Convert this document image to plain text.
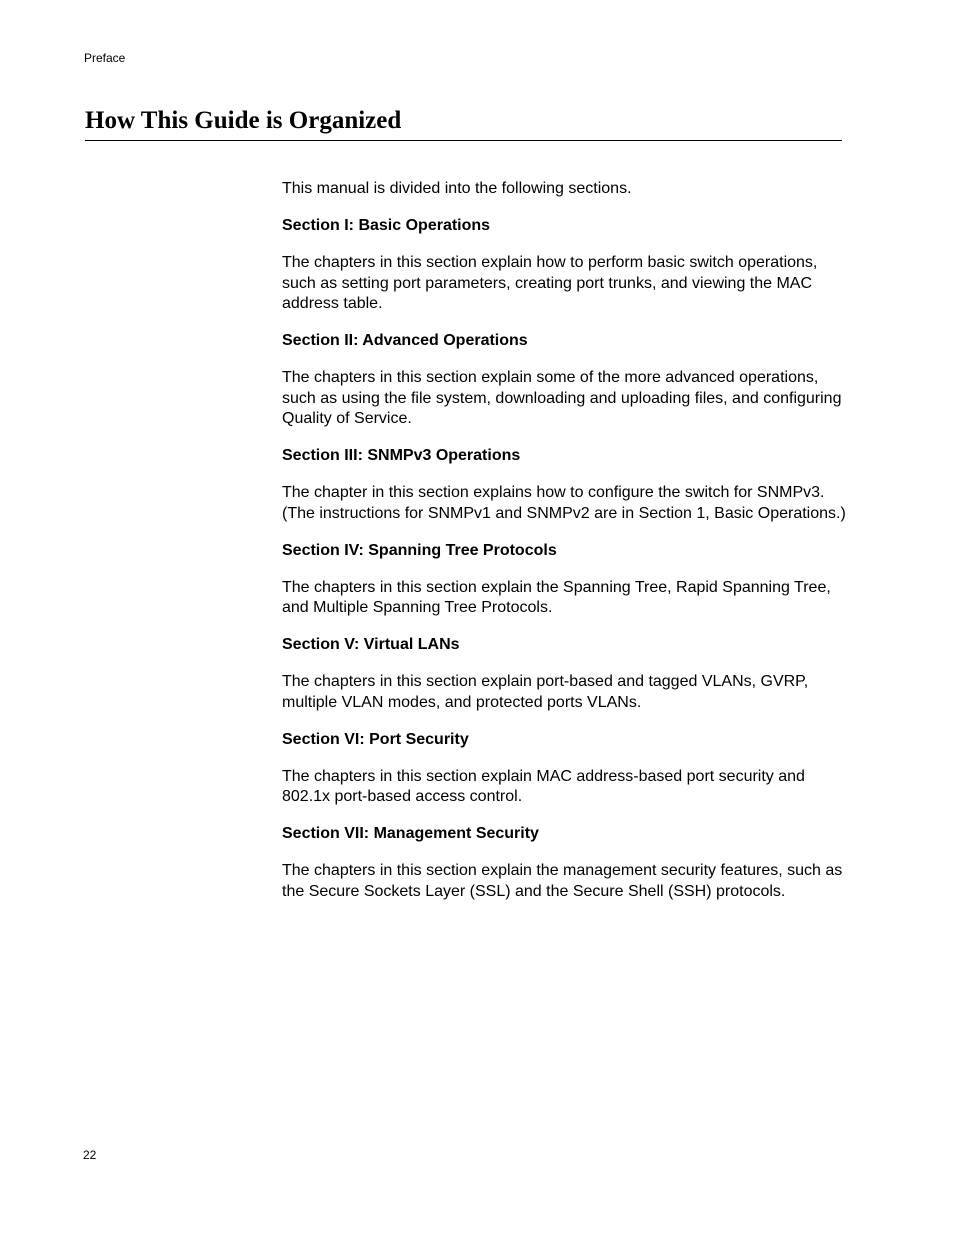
Preface
How This Guide is Organized

This manual is divided into the following sections.

Section I: Basic Operations

The chapters in this section explain how to perform basic switch operations, such as setting port parameters, creating port trunks, and viewing the MAC address table.

Section II: Advanced Operations

The chapters in this section explain some of the more advanced operations, such as using the file system, downloading and uploading files, and configuring Quality of Service.

Section III: SNMPv3 Operations

The chapter in this section explains how to configure the switch for SNMPv3. (The instructions for SNMPv1 and SNMPv2 are in Section 1, Basic Operations.)

Section IV: Spanning Tree Protocols

The chapters in this section explain the Spanning Tree, Rapid Spanning Tree, and Multiple Spanning Tree Protocols.

Section V: Virtual LANs

The chapters in this section explain port-based and tagged VLANs, GVRP, multiple VLAN modes, and protected ports VLANs.

Section VI: Port Security

The chapters in this section explain MAC address-based port security and 802.1x port-based access control.

Section VII: Management Security

The chapters in this section explain the management security features, such as the Secure Sockets Layer (SSL) and the Secure Shell (SSH) protocols.

22
